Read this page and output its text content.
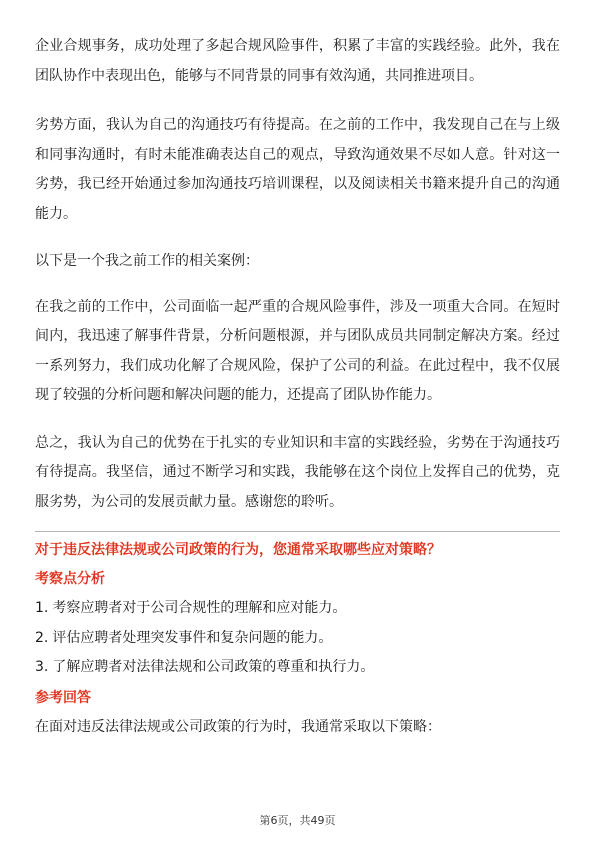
企业合规事务，成功处理了多起合规风险事件，积累了丰富的实践经验。此外，我在团队协作中表现出色，能够与不同背景的同事有效沟通，共同推进项目。

劣势方面，我认为自己的沟通技巧有待提高。在之前的工作中，我发现自己在与上级和同事沟通时，有时未能准确表达自己的观点，导致沟通效果不尽如人意。针对这一劣势，我已经开始通过参加沟通技巧培训课程，以及阅读相关书籍来提升自己的沟通能力。

以下是一个我之前工作的相关案例：

在我之前的工作中，公司面临一起严重的合规风险事件，涉及一项重大合同。在短时间内，我迅速了解事件背景，分析问题根源，并与团队成员共同制定解决方案。经过一系列努力，我们成功化解了合规风险，保护了公司的利益。在此过程中，我不仅展现了较强的分析问题和解决问题的能力，还提高了团队协作能力。

总之，我认为自己的优势在于扎实的专业知识和丰富的实践经验，劣势在于沟通技巧有待提高。我坚信，通过不断学习和实践，我能够在这个岗位上发挥自己的优势，克服劣势，为公司的发展贡献力量。感谢您的聆听。

对于违反法律法规或公司政策的行为，您通常采取哪些应对策略？
考察点分析
1. 考察应聘者对于公司合规性的理解和应对能力。
2. 评估应聘者处理突发事件和复杂问题的能力。
3. 了解应聘者对法律法规和公司政策的尊重和执行力。
参考回答
在面对违反法律法规或公司政策的行为时，我通常采取以下策略：
第6页，共49页
